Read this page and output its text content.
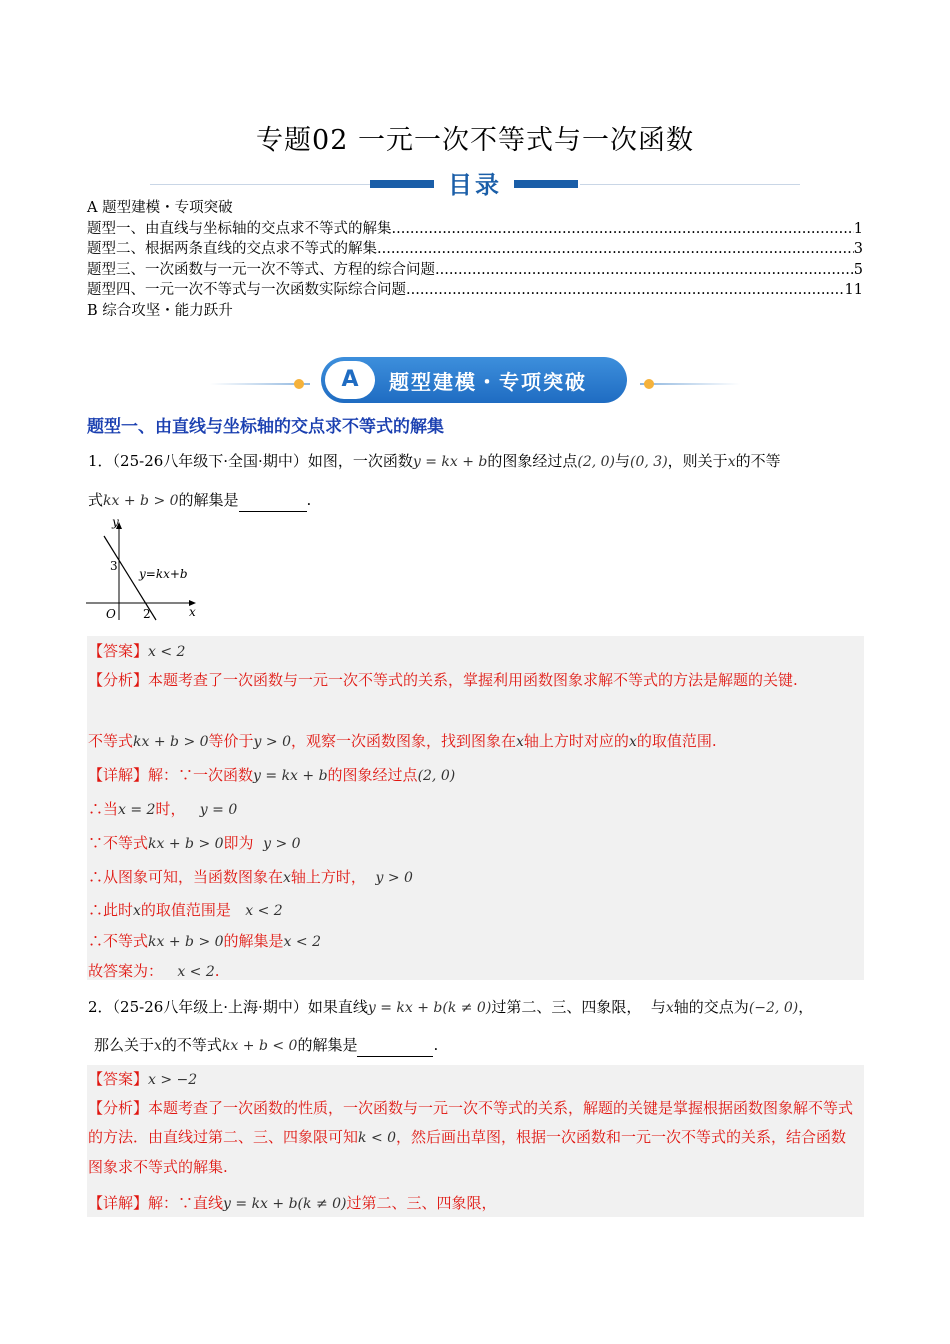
专题02 一元一次不等式与一次函数
目录
A 题型建模・专项突破
题型一、由直线与坐标轴的交点求不等式的解集 .....	1
题型二、根据两条直线的交点求不等式的解集 .....	3
题型三、一次函数与一元一次不等式、方程的综合问题 .....	5
题型四、一元一次不等式与一次函数实际综合问题 .....	11
B 综合攻坚・能力跃升
A	题型建模・专项突破
题型一、由直线与坐标轴的交点求不等式的解集
1．（25-26八年级下·全国·期中）如图，一次函数y = kx + b的图象经过点(2, 0)与(0, 3)，则关于x的不等
式kx + b > 0的解集是	.
y
x
O
3
2
y=kx+b
【答案】x < 2
【分析】本题考查了一次函数与一元一次不等式的关系，掌握利用函数图象求解不等式的方法是解题的关键.
不等式kx + b > 0等价于y > 0，观察一次函数图象，找到图象在x轴上方时对应的x的取值范围.
【详解】解：∵一次函数y = kx + b的图象经过点(2, 0)
∴当x = 2时， y = 0
∵不等式kx + b > 0即为 y > 0
∴从图象可知，当函数图象在x轴上方时， y > 0
∴此时x的取值范围是 x < 2
∴不等式kx + b > 0的解集是x < 2
故答案为： x < 2.
2．（25-26八年级上·上海·期中）如果直线y = kx + b(k ≠ 0)过第二、三、四象限， 与x轴的交点为(−2, 0)，
那么关于x的不等式kx + b < 0的解集是	.
【答案】x > −2
【分析】本题考查了一次函数的性质，一次函数与一元一次不等式的关系，解题的关键是掌握根据函数图象解不等式的方法．由直线过第二、三、四象限可知k < 0，然后画出草图，根据一次函数和一元一次不等式的关系，结合函数图象求不等式的解集.
【详解】解：∵直线y = kx + b(k ≠ 0)过第二、三、四象限，
